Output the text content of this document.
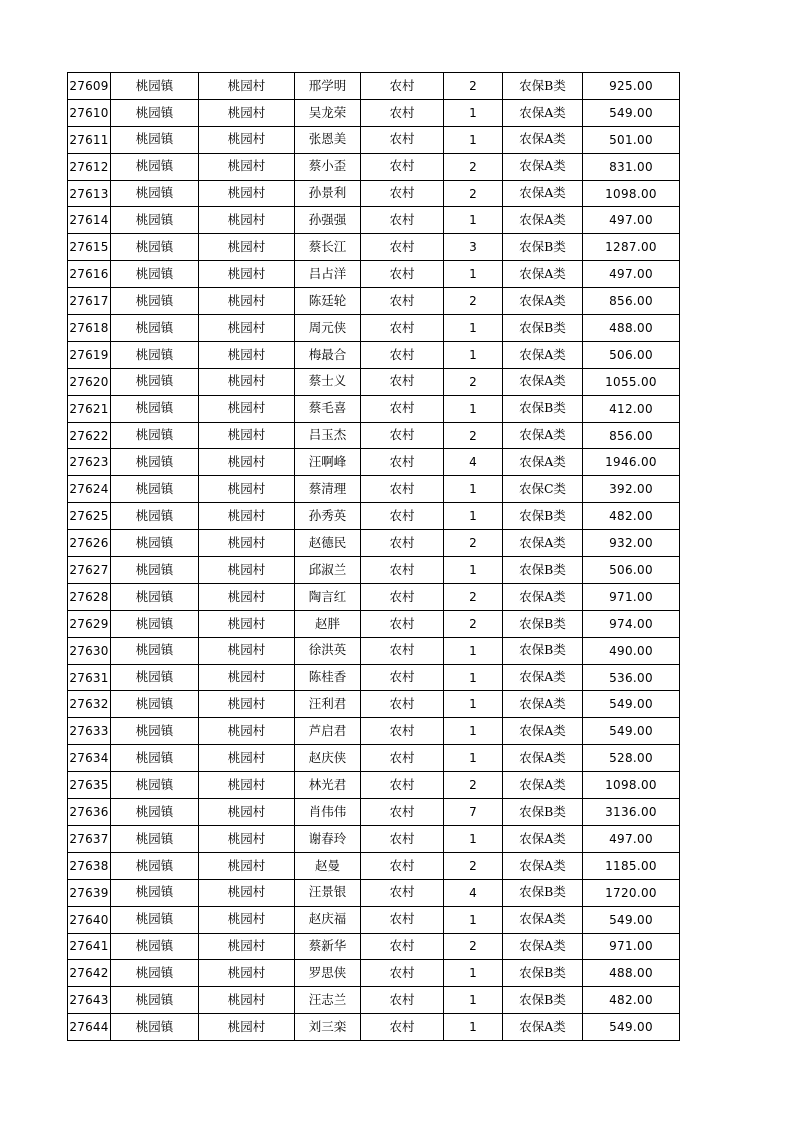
27609	桃园镇	桃园村	邢学明	农村	2	农保B类	925.00
27610	桃园镇	桃园村	吴龙荣	农村	1	农保A类	549.00
27611	桃园镇	桃园村	张恩美	农村	1	农保A类	501.00
27612	桃园镇	桃园村	蔡小歪	农村	2	农保A类	831.00
27613	桃园镇	桃园村	孙景利	农村	2	农保A类	1098.00
27614	桃园镇	桃园村	孙强强	农村	1	农保A类	497.00
27615	桃园镇	桃园村	蔡长江	农村	3	农保B类	1287.00
27616	桃园镇	桃园村	吕占洋	农村	1	农保A类	497.00
27617	桃园镇	桃园村	陈廷轮	农村	2	农保A类	856.00
27618	桃园镇	桃园村	周元侠	农村	1	农保B类	488.00
27619	桃园镇	桃园村	梅最合	农村	1	农保A类	506.00
27620	桃园镇	桃园村	蔡士义	农村	2	农保A类	1055.00
27621	桃园镇	桃园村	蔡毛喜	农村	1	农保B类	412.00
27622	桃园镇	桃园村	吕玉杰	农村	2	农保A类	856.00
27623	桃园镇	桃园村	汪啊峰	农村	4	农保A类	1946.00
27624	桃园镇	桃园村	蔡清理	农村	1	农保C类	392.00
27625	桃园镇	桃园村	孙秀英	农村	1	农保B类	482.00
27626	桃园镇	桃园村	赵德民	农村	2	农保A类	932.00
27627	桃园镇	桃园村	邱淑兰	农村	1	农保B类	506.00
27628	桃园镇	桃园村	陶言红	农村	2	农保A类	971.00
27629	桃园镇	桃园村	赵胖	农村	2	农保B类	974.00
27630	桃园镇	桃园村	徐洪英	农村	1	农保B类	490.00
27631	桃园镇	桃园村	陈桂香	农村	1	农保A类	536.00
27632	桃园镇	桃园村	汪利君	农村	1	农保A类	549.00
27633	桃园镇	桃园村	芦启君	农村	1	农保A类	549.00
27634	桃园镇	桃园村	赵庆侠	农村	1	农保A类	528.00
27635	桃园镇	桃园村	林光君	农村	2	农保A类	1098.00
27636	桃园镇	桃园村	肖伟伟	农村	7	农保B类	3136.00
27637	桃园镇	桃园村	谢春玲	农村	1	农保A类	497.00
27638	桃园镇	桃园村	赵曼	农村	2	农保A类	1185.00
27639	桃园镇	桃园村	汪景银	农村	4	农保B类	1720.00
27640	桃园镇	桃园村	赵庆福	农村	1	农保A类	549.00
27641	桃园镇	桃园村	蔡新华	农村	2	农保A类	971.00
27642	桃园镇	桃园村	罗思侠	农村	1	农保B类	488.00
27643	桃园镇	桃园村	汪志兰	农村	1	农保B类	482.00
27644	桃园镇	桃园村	刘三栾	农村	1	农保A类	549.00
